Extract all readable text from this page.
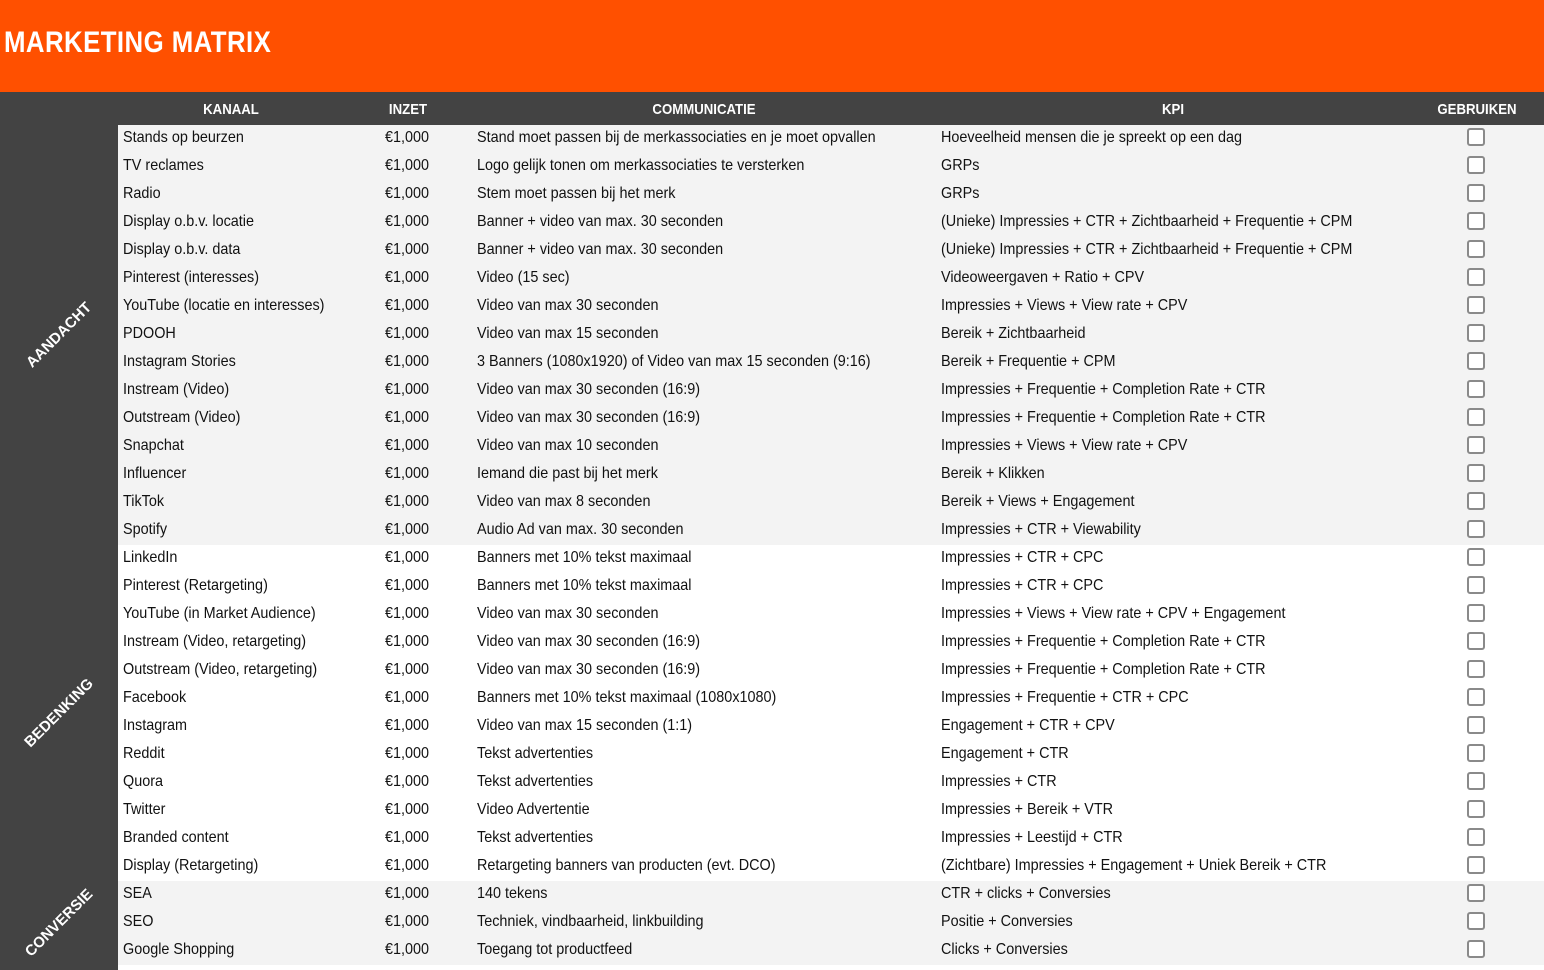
MARKETING MATRIX
KANAAL	INZET	COMMUNICATIE	KPI	GEBRUIKEN
AANDACHT
BEDENKING
CONVERSIE
Stands op beurzen	€1,000	Stand moet passen bij de merkassociaties en je moet opvallen	Hoeveelheid mensen die je spreekt op een dag
TV reclames	€1,000	Logo gelijk tonen om merkassociaties te versterken	GRPs
Radio	€1,000	Stem moet passen bij het merk	GRPs
Display o.b.v. locatie	€1,000	Banner + video van max. 30 seconden	(Unieke) Impressies + CTR + Zichtbaarheid + Frequentie + CPM
Display o.b.v. data	€1,000	Banner + video van max. 30 seconden	(Unieke) Impressies + CTR + Zichtbaarheid + Frequentie + CPM
Pinterest (interesses)	€1,000	Video (15 sec)	Videoweergaven + Ratio + CPV
YouTube (locatie en interesses)	€1,000	Video van max 30 seconden	Impressies + Views + View rate + CPV
PDOOH	€1,000	Video van max 15 seconden	Bereik + Zichtbaarheid
Instagram Stories	€1,000	3 Banners (1080x1920) of Video van max 15 seconden (9:16)	Bereik + Frequentie + CPM
Instream (Video)	€1,000	Video van max 30 seconden (16:9)	Impressies + Frequentie + Completion Rate + CTR
Outstream (Video)	€1,000	Video van max 30 seconden (16:9)	Impressies + Frequentie + Completion Rate + CTR
Snapchat	€1,000	Video van max 10 seconden	Impressies + Views + View rate + CPV
Influencer	€1,000	Iemand die past bij het merk	Bereik + Klikken
TikTok	€1,000	Video van max 8 seconden	Bereik + Views + Engagement
Spotify	€1,000	Audio Ad van max. 30 seconden	Impressies + CTR + Viewability
LinkedIn	€1,000	Banners met 10% tekst maximaal	Impressies + CTR + CPC
Pinterest (Retargeting)	€1,000	Banners met 10% tekst maximaal	Impressies + CTR + CPC
YouTube (in Market Audience)	€1,000	Video van max 30 seconden	Impressies + Views + View rate + CPV + Engagement
Instream (Video, retargeting)	€1,000	Video van max 30 seconden (16:9)	Impressies + Frequentie + Completion Rate + CTR
Outstream (Video, retargeting)	€1,000	Video van max 30 seconden (16:9)	Impressies + Frequentie + Completion Rate + CTR
Facebook	€1,000	Banners met 10% tekst maximaal (1080x1080)	Impressies + Frequentie + CTR + CPC
Instagram	€1,000	Video van max 15 seconden (1:1)	Engagement + CTR + CPV
Reddit	€1,000	Tekst advertenties	Engagement + CTR
Quora	€1,000	Tekst advertenties	Impressies + CTR
Twitter	€1,000	Video Advertentie	Impressies + Bereik + VTR
Branded content	€1,000	Tekst advertenties	Impressies + Leestijd + CTR
Display (Retargeting)	€1,000	Retargeting banners van producten (evt. DCO)	(Zichtbare) Impressies + Engagement + Uniek Bereik + CTR
SEA	€1,000	140 tekens	CTR + clicks + Conversies
SEO	€1,000	Techniek, vindbaarheid, linkbuilding	Positie + Conversies
Google Shopping	€1,000	Toegang tot productfeed	Clicks + Conversies
